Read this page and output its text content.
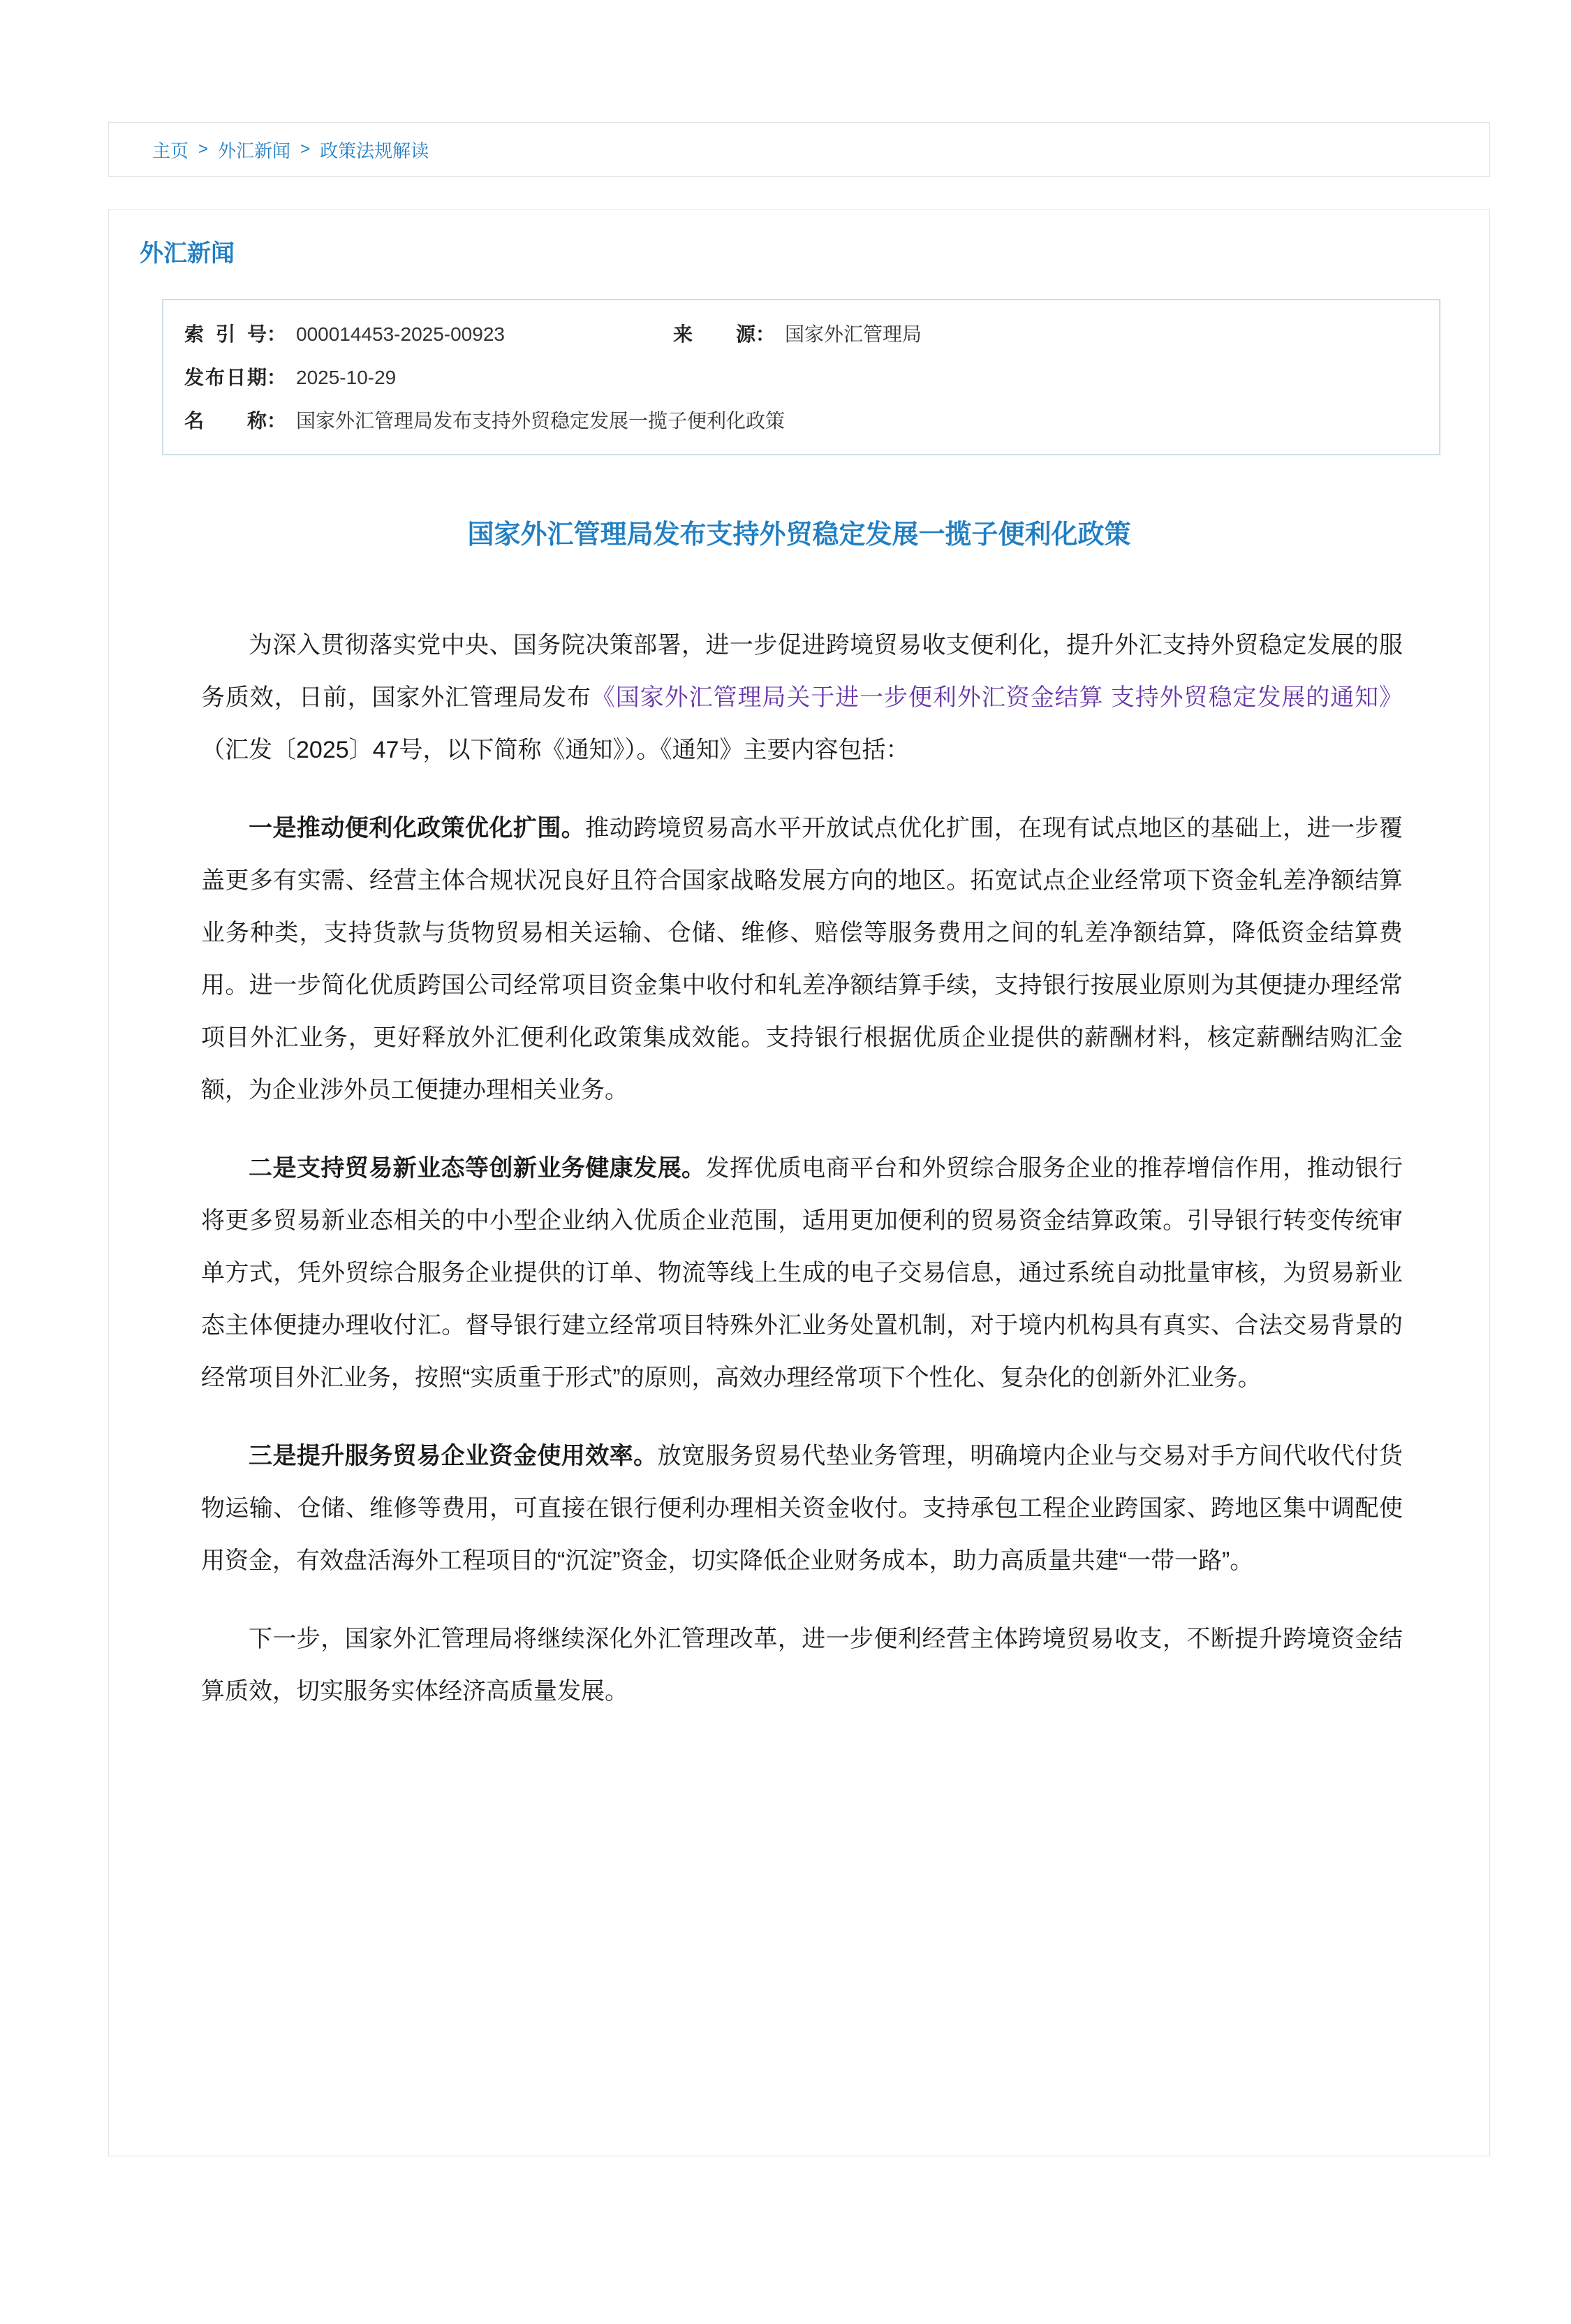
主页 > 外汇新闻 > 政策法规解读
外汇新闻
索引号： 000014453-2025-00923	来源： 国家外汇管理局
发布日期： 2025-10-29
名称： 国家外汇管理局发布支持外贸稳定发展一揽子便利化政策
国家外汇管理局发布支持外贸稳定发展一揽子便利化政策

为深入贯彻落实党中央、国务院决策部署，进一步促进跨境贸易收支便利化，提升外汇支持外贸稳定发展的服务质效，日前，国家外汇管理局发布《国家外汇管理局关于进一步便利外汇资金结算 支持外贸稳定发展的通知》（汇发〔2025〕47号，以下简称《通知》）。《通知》主要内容包括：

一是推动便利化政策优化扩围。推动跨境贸易高水平开放试点优化扩围，在现有试点地区的基础上，进一步覆盖更多有实需、经营主体合规状况良好且符合国家战略发展方向的地区。拓宽试点企业经常项下资金轧差净额结算业务种类，支持货款与货物贸易相关运输、仓储、维修、赔偿等服务费用之间的轧差净额结算，降低资金结算费用。进一步简化优质跨国公司经常项目资金集中收付和轧差净额结算手续，支持银行按展业原则为其便捷办理经常项目外汇业务，更好释放外汇便利化政策集成效能。支持银行根据优质企业提供的薪酬材料，核定薪酬结购汇金额，为企业涉外员工便捷办理相关业务。

二是支持贸易新业态等创新业务健康发展。发挥优质电商平台和外贸综合服务企业的推荐增信作用，推动银行将更多贸易新业态相关的中小型企业纳入优质企业范围，适用更加便利的贸易资金结算政策。引导银行转变传统审单方式，凭外贸综合服务企业提供的订单、物流等线上生成的电子交易信息，通过系统自动批量审核，为贸易新业态主体便捷办理收付汇。督导银行建立经常项目特殊外汇业务处置机制，对于境内机构具有真实、合法交易背景的经常项目外汇业务，按照“实质重于形式”的原则，高效办理经常项下个性化、复杂化的创新外汇业务。

三是提升服务贸易企业资金使用效率。放宽服务贸易代垫业务管理，明确境内企业与交易对手方间代收代付货物运输、仓储、维修等费用，可直接在银行便利办理相关资金收付。支持承包工程企业跨国家、跨地区集中调配使用资金，有效盘活海外工程项目的“沉淀”资金，切实降低企业财务成本，助力高质量共建“一带一路”。

下一步，国家外汇管理局将继续深化外汇管理改革，进一步便利经营主体跨境贸易收支，不断提升跨境资金结算质效，切实服务实体经济高质量发展。
